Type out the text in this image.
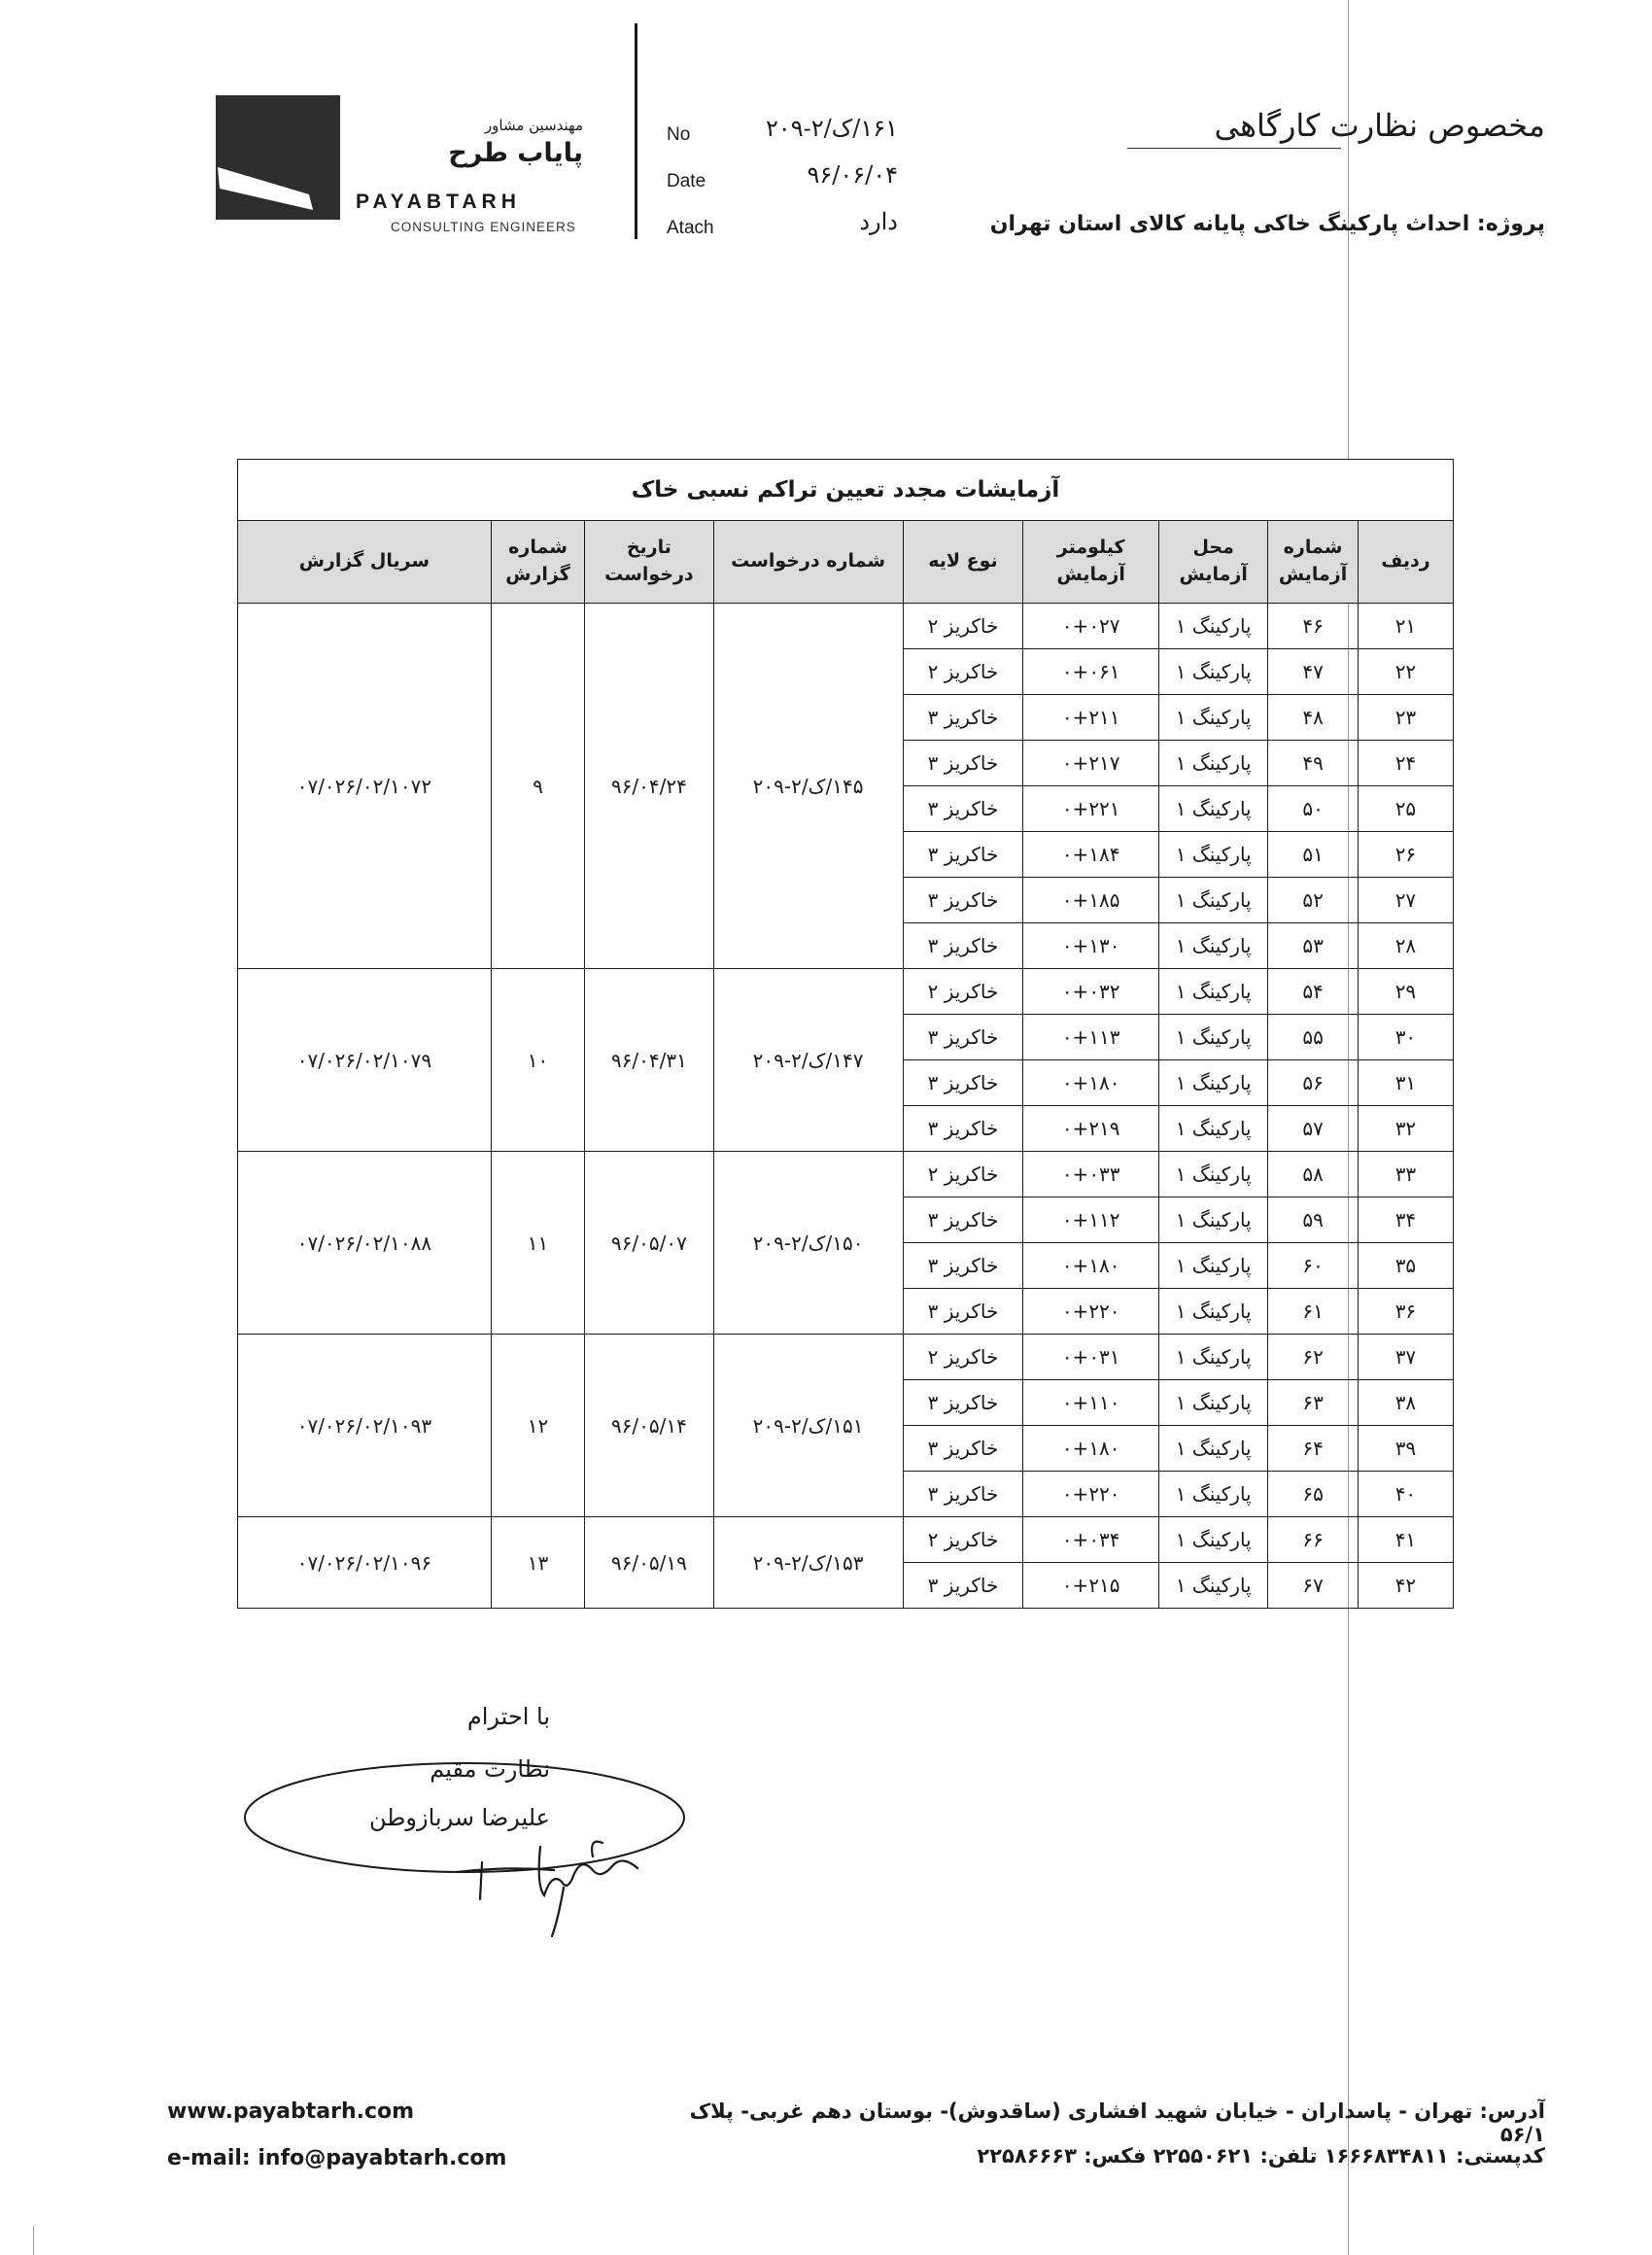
مهندسین مشاور
پایاب طرح
PAYABTARH
CONSULTING ENGINEERS
No	۱۶۱/ک/۲-۲۰۹
Date	۹۶/۰۶/۰۴
Atach	دارد
مخصوص نظارت کارگاهی
پروژه: احداث پارکینگ خاکی پایانه کالای استان تهران
آزمایشات مجدد تعیین تراکم نسبی خاک								
ردیف	شماره آزمایش	محل آزمایش	کیلومتر آزمایش	نوع لایه	شماره درخواست	تاریخ درخواست	شماره گزارش	سریال گزارش
۲۱	۴۶	پارکینگ ۱	۰+۰۲۷	خاکریز ۲	۱۴۵/ک/۲-۲۰۹	۹۶/۰۴/۲۴	۹	۰۷/۰۲۶/۰۲/۱۰۷۲
۲۲	۴۷	پارکینگ ۱	۰+۰۶۱	خاکریز ۲				
۲۳	۴۸	پارکینگ ۱	۰+۲۱۱	خاکریز ۳				
۲۴	۴۹	پارکینگ ۱	۰+۲۱۷	خاکریز ۳				
۲۵	۵۰	پارکینگ ۱	۰+۲۲۱	خاکریز ۳				
۲۶	۵۱	پارکینگ ۱	۰+۱۸۴	خاکریز ۳				
۲۷	۵۲	پارکینگ ۱	۰+۱۸۵	خاکریز ۳				
۲۸	۵۳	پارکینگ ۱	۰+۱۳۰	خاکریز ۳				
۲۹	۵۴	پارکینگ ۱	۰+۰۳۲	خاکریز ۲	۱۴۷/ک/۲-۲۰۹	۹۶/۰۴/۳۱	۱۰	۰۷/۰۲۶/۰۲/۱۰۷۹
۳۰	۵۵	پارکینگ ۱	۰+۱۱۳	خاکریز ۳				
۳۱	۵۶	پارکینگ ۱	۰+۱۸۰	خاکریز ۳				
۳۲	۵۷	پارکینگ ۱	۰+۲۱۹	خاکریز ۳				
۳۳	۵۸	پارکینگ ۱	۰+۰۳۳	خاکریز ۲	۱۵۰/ک/۲-۲۰۹	۹۶/۰۵/۰۷	۱۱	۰۷/۰۲۶/۰۲/۱۰۸۸
۳۴	۵۹	پارکینگ ۱	۰+۱۱۲	خاکریز ۳				
۳۵	۶۰	پارکینگ ۱	۰+۱۸۰	خاکریز ۳				
۳۶	۶۱	پارکینگ ۱	۰+۲۲۰	خاکریز ۳				
۳۷	۶۲	پارکینگ ۱	۰+۰۳۱	خاکریز ۲	۱۵۱/ک/۲-۲۰۹	۹۶/۰۵/۱۴	۱۲	۰۷/۰۲۶/۰۲/۱۰۹۳
۳۸	۶۳	پارکینگ ۱	۰+۱۱۰	خاکریز ۳				
۳۹	۶۴	پارکینگ ۱	۰+۱۸۰	خاکریز ۳				
۴۰	۶۵	پارکینگ ۱	۰+۲۲۰	خاکریز ۳				
۴۱	۶۶	پارکینگ ۱	۰+۰۳۴	خاکریز ۲	۱۵۳/ک/۲-۲۰۹	۹۶/۰۵/۱۹	۱۳	۰۷/۰۲۶/۰۲/۱۰۹۶
۴۲	۶۷	پارکینگ ۱	۰+۲۱۵	خاکریز ۳				
با احترام
نظارت مقیم
علیرضا سربازوطن
www.payabtarh.com
e-mail: info@payabtarh.com
آدرس: تهران - پاسداران - خیابان شهید افشاری (ساقدوش)- بوستان دهم غربی- پلاک ۵۶/۱
کدپستی: ۱۶۶۶۸۳۴۸۱۱ تلفن: ۲۲۵۵۰۶۲۱ فکس: ۲۲۵۸۶۶۶۳
